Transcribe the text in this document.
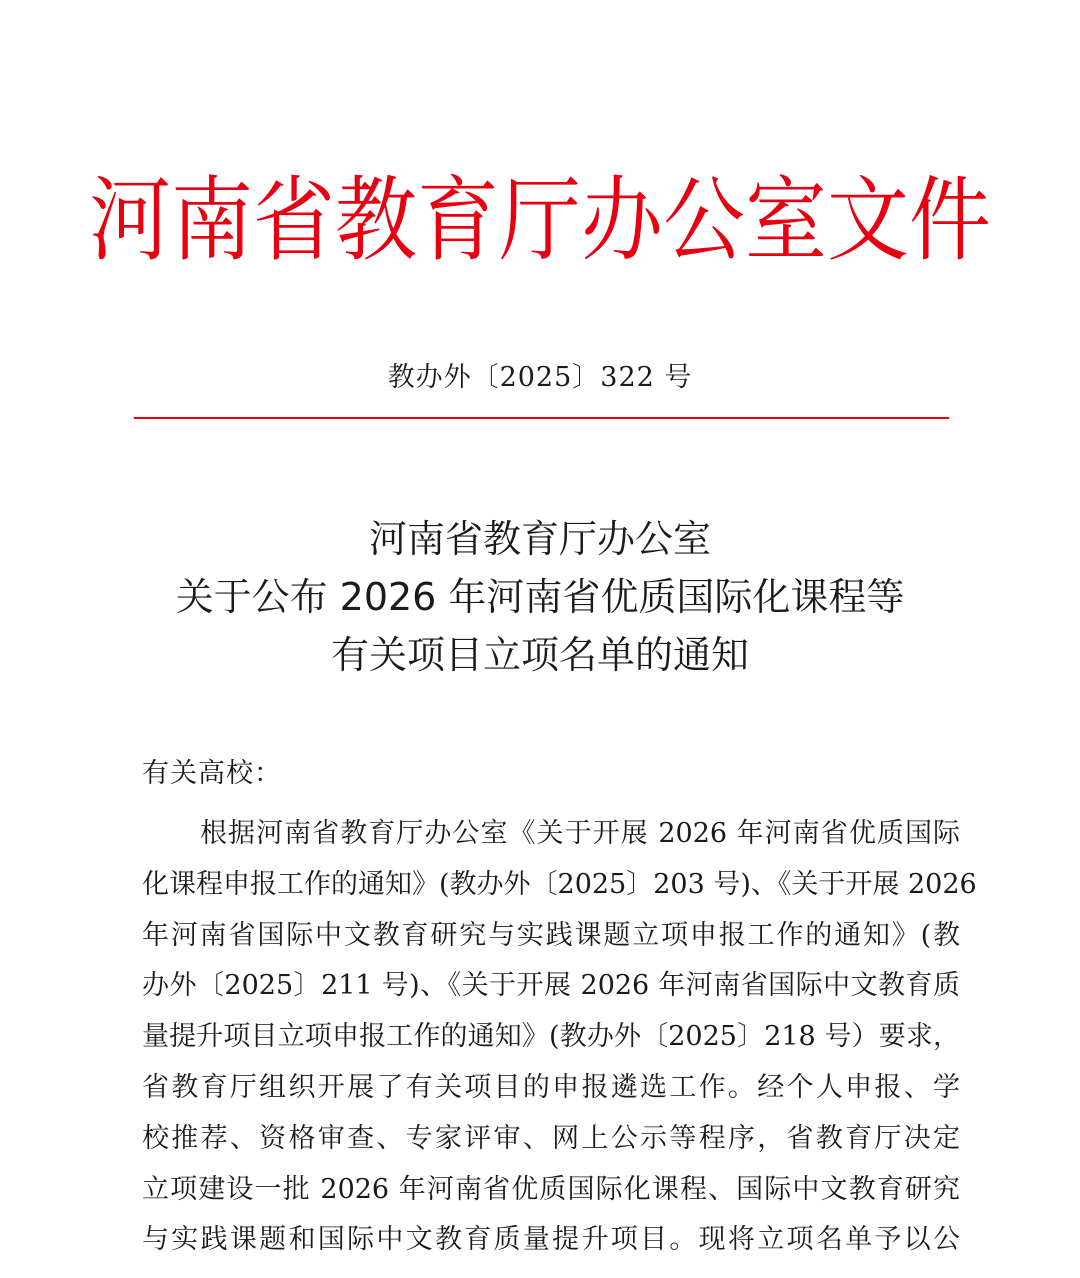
河南省教育厅办公室文件
教办外〔2025〕322 号
河南省教育厅办公室
关于公布 2026 年河南省优质国际化课程等
有关项目立项名单的通知
有关高校：
根据河南省教育厅办公室《关于开展 2026 年河南省优质国际
化课程申报工作的通知》(教办外〔2025〕203 号)、《关于开展 2026
年河南省国际中文教育研究与实践课题立项申报工作的通知》(教
办外〔2025〕211 号)、《关于开展 2026 年河南省国际中文教育质
量提升项目立项申报工作的通知》(教办外〔2025〕218 号）要求，
省教育厅组织开展了有关项目的申报遴选工作。经个人申报、学
校推荐、资格审查、专家评审、网上公示等程序，省教育厅决定
立项建设一批 2026 年河南省优质国际化课程、国际中文教育研究
与实践课题和国际中文教育质量提升项目。现将立项名单予以公
